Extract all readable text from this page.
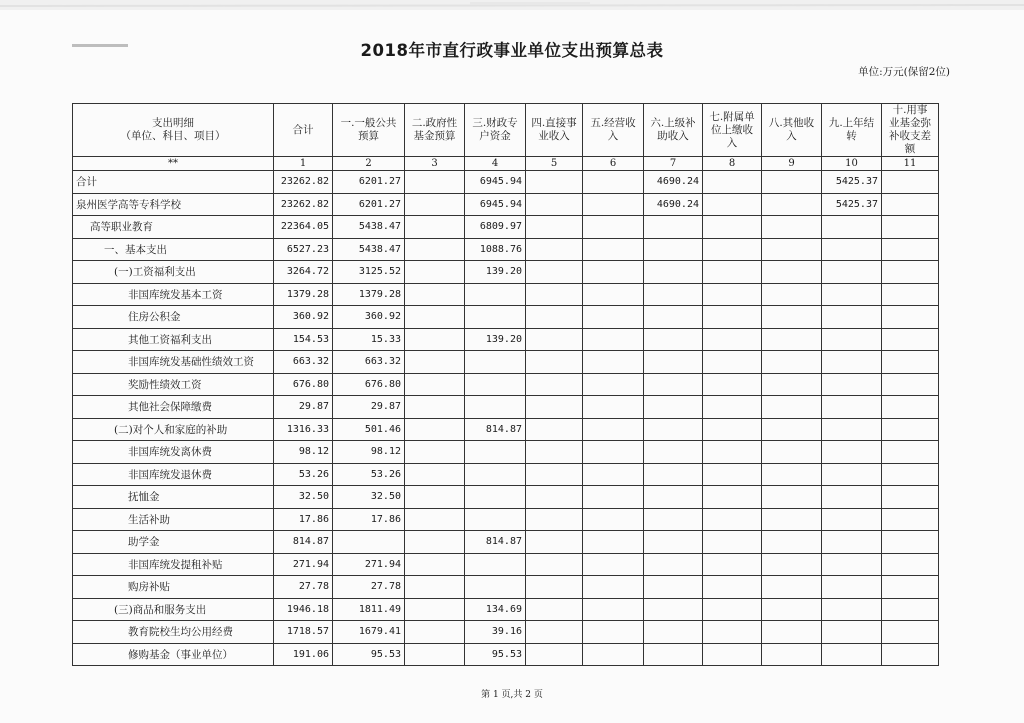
2018年市直行政事业单位支出预算总表
单位:万元(保留2位)
支出明细
（单位、科目、项目）	合计	一.一般公共预算	二.政府性基金预算	三.财政专户资金	四.直接事业收入	五.经营收入	六.上级补助收入	七.附属单位上缴收入	八.其他收入	九.上年结转	十.用事　业基金弥补收支差额
**	1	2	3	4	5	6	7	8	9	10	11
合计	23262.82	6201.27		6945.94			4690.24			5425.37	
泉州医学高等专科学校	23262.82	6201.27		6945.94			4690.24			5425.37	
高等职业教育	22364.05	5438.47		6809.97							
一、基本支出	6527.23	5438.47		1088.76							
(一)工资福利支出	3264.72	3125.52		139.20							
非国库统发基本工资	1379.28	1379.28									
住房公积金	360.92	360.92									
其他工资福利支出	154.53	15.33		139.20							
非国库统发基础性绩效工资	663.32	663.32									
奖励性绩效工资	676.80	676.80									
其他社会保障缴费	29.87	29.87									
(二)对个人和家庭的补助	1316.33	501.46		814.87							
非国库统发离休费	98.12	98.12									
非国库统发退休费	53.26	53.26									
抚恤金	32.50	32.50									
生活补助	17.86	17.86									
助学金	814.87			814.87							
非国库统发提租补贴	271.94	271.94									
购房补贴	27.78	27.78									
(三)商品和服务支出	1946.18	1811.49		134.69							
教育院校生均公用经费	1718.57	1679.41		39.16							
修购基金（事业单位）	191.06	95.53		95.53							
第 1 页,共 2 页
